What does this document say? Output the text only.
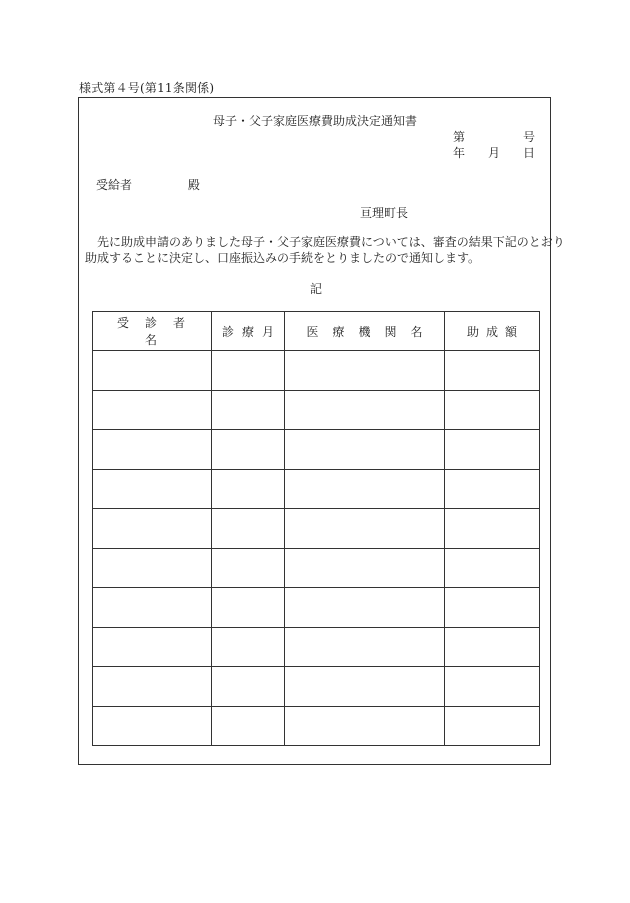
様式第４号(第11条関係)
母子・父子家庭医療費助成決定通知書
第	号
年 月 日
受給者	殿
亘理町長
先に助成申請のありました母子・父子家庭医療費については、審査の結果下記のとおり
助成することに決定し、口座振込みの手続をとりましたので通知します。
記
受診者名	診療月	医療機関名	助成額
